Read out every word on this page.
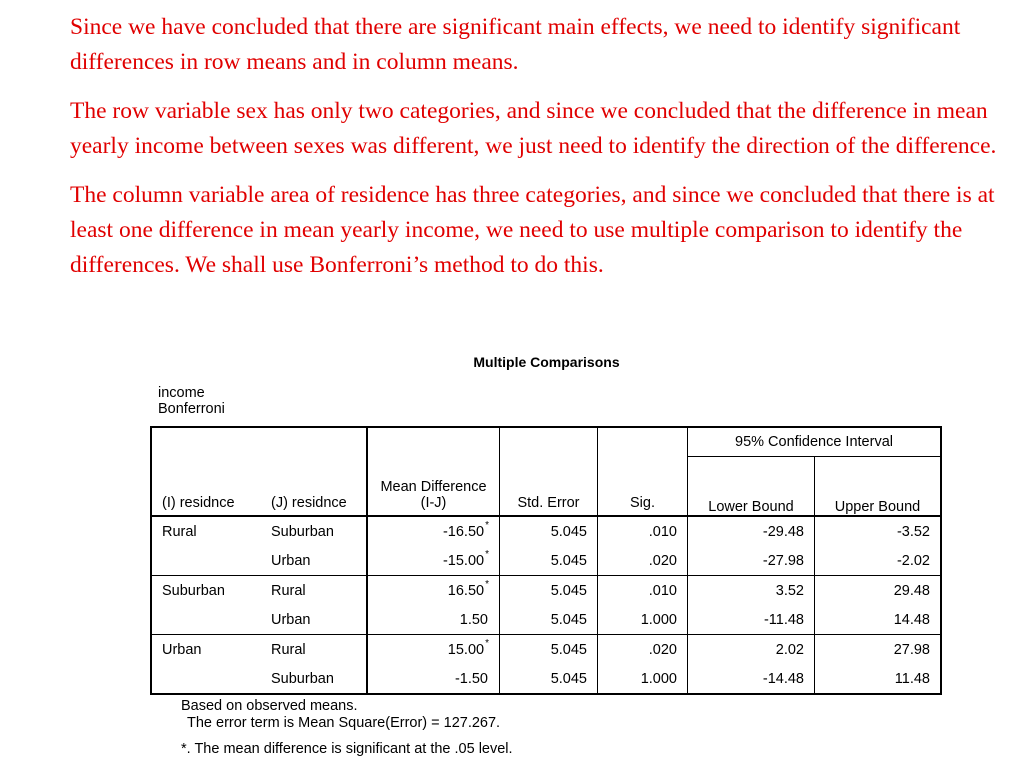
Since we have concluded that there are significant main effects, we need to identify significant differences in row means and in column means.

The row variable sex has only two categories, and since we concluded that the difference in mean yearly income between sexes was different, we just need to identify the direction of the difference.

The column variable area of residence has three categories, and since we concluded that there is at least one difference in mean yearly income, we need to use multiple comparison to identify the differences. We shall use Bonferroni’s method to do this.

Multiple Comparisons
income
Bonferroni
(I) residnce	(J) residnce	Mean Difference (I-J)	Std. Error	Sig.	95% Confidence Interval	
					Lower Bound	Upper Bound
Rural	Suburban	-16.50*	5.045	.010	-29.48	-3.52
	Urban	-15.00*	5.045	.020	-27.98	-2.02
Suburban	Rural	16.50*	5.045	.010	3.52	29.48
	Urban	1.50	5.045	1.000	-11.48	14.48
Urban	Rural	15.00*	5.045	.020	2.02	27.98
	Suburban	-1.50	5.045	1.000	-14.48	11.48
Based on observed means.
The error term is Mean Square(Error) = 127.267.
*. The mean difference is significant at the .05 level.
